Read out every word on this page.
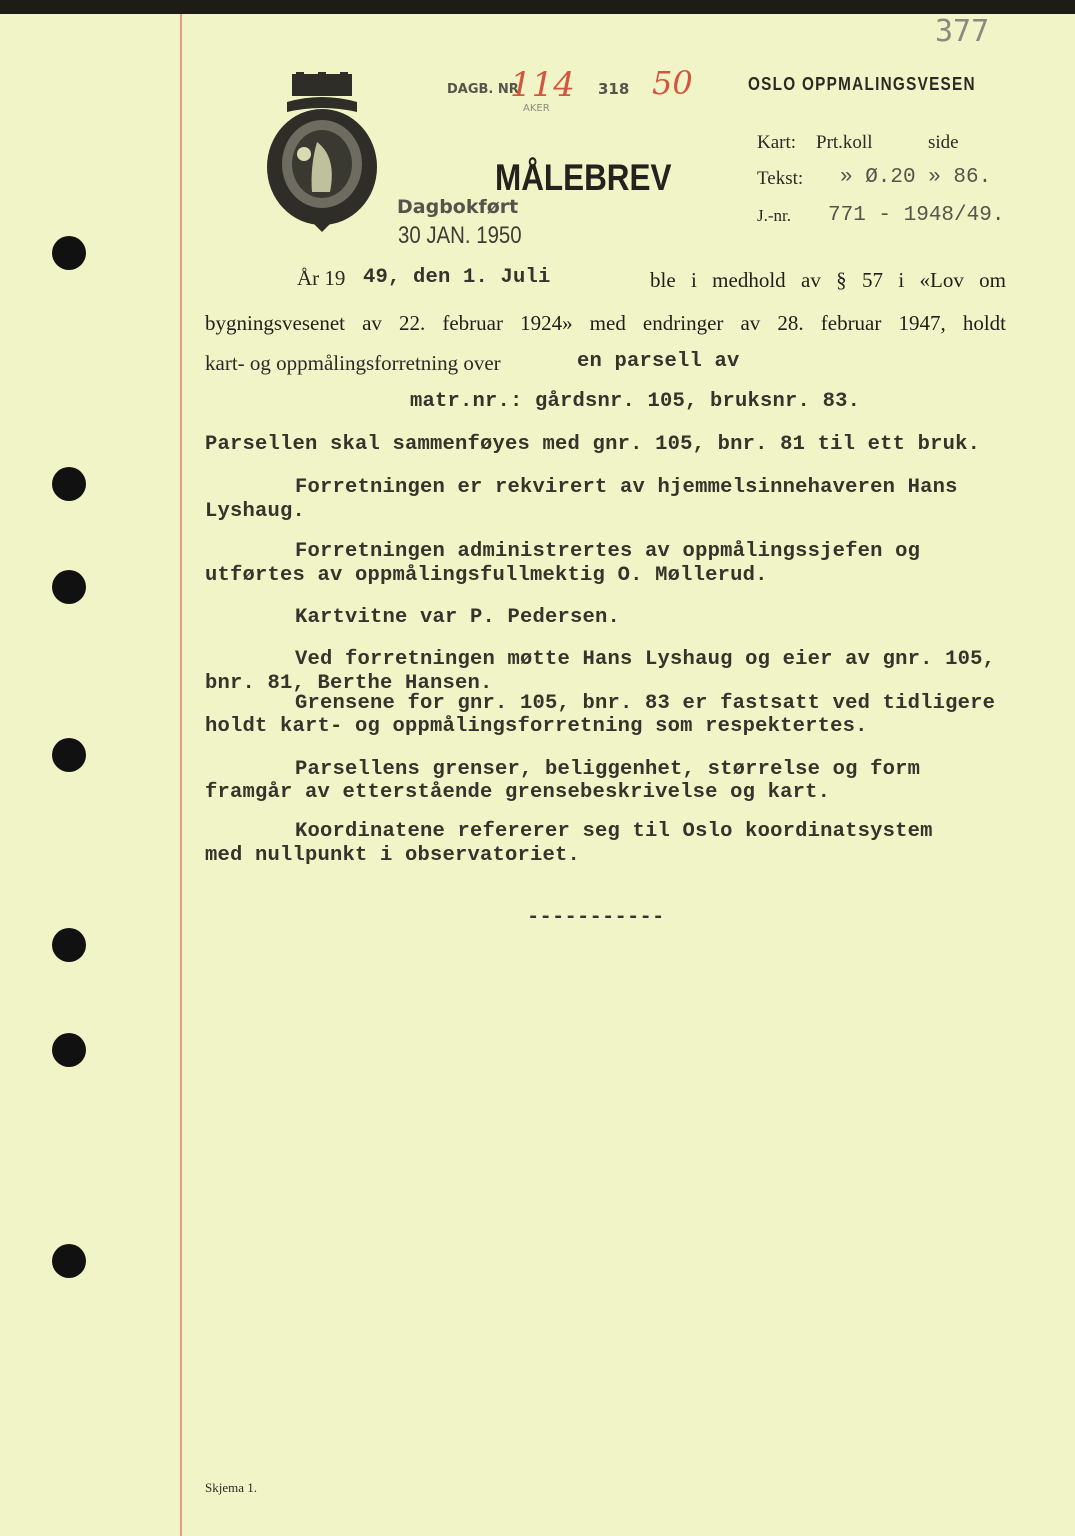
377
DAGB. NR
114 318 50
AKER
MÅLEBREV
Dagbokført
30 JAN. 1950
OSLO OPPMALINGSVESEN
Kart: Prt.koll	side
Tekst: » Ø.20 » 86.
J.-nr. 771 - 1948/49.
År 19 49, den 1. Juli	ble i medhold av § 57 i «Lov om
bygningsvesenet av 22. februar 1924» med endringer av 28. februar 1947, holdt
kart- og oppmålingsforretning over	en parsell av
matr.nr.: gårdsnr. 105, bruksnr. 83.
Parsellen skal sammenføyes med gnr. 105, bnr. 81 til ett bruk.
Forretningen er rekvirert av hjemmelsinnehaveren Hans
Lyshaug.
Forretningen administrertes av oppmålingssjefen og
utførtes av oppmålingsfullmektig O. Møllerud.
Kartvitne var P. Pedersen.
Ved forretningen møtte Hans Lyshaug og eier av gnr. 105,
bnr. 81, Berthe Hansen.
Grensene for gnr. 105, bnr. 83 er fastsatt ved tidligere
holdt kart- og oppmålingsforretning som respektertes.
Parsellens grenser, beliggenhet, størrelse og form
framgår av etterstående grensebeskrivelse og kart.
Koordinatene refererer seg til Oslo koordinatsystem
med nullpunkt i observatoriet.
-----------
Skjema 1.
